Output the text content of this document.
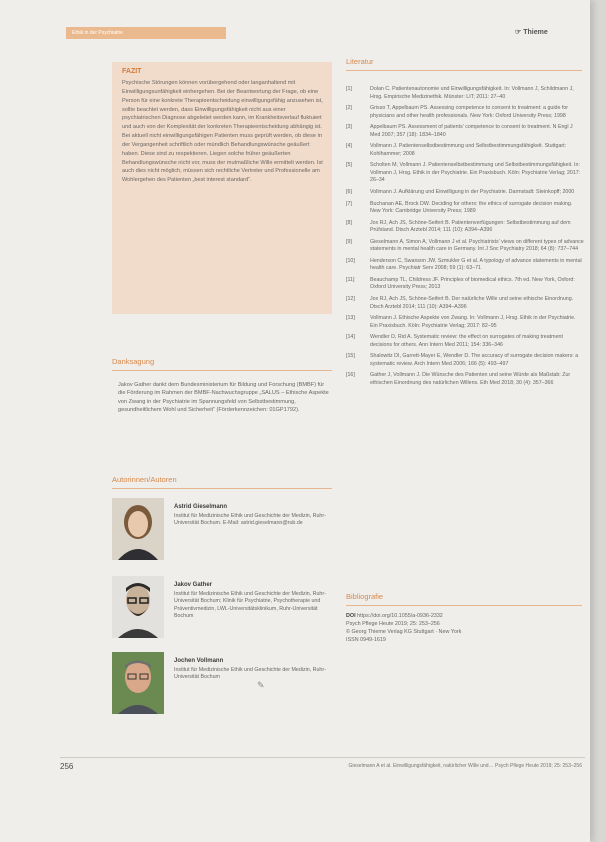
Ethik in der Psychiatrie	☞ Thieme
FAZIT
Psychische Störungen können vorübergehend oder langanhaltend mit Einwilligungsunfähigkeit einhergehen. Bei der Beantwortung der Frage, ob eine Person für eine konkrete Therapieentscheidung einwilligungsfähig anzusehen ist, sollte beachtet werden, dass Einwilligungsfähigkeit nicht aus einer psychiatrischen Diagnose abgeleitet werden kann, im Krankheitsverlauf fluktuiert und auch von der Komplexität der konkreten Therapieentscheidung abhängig ist. Bei aktuell nicht einwilligungsfähigen Patienten muss geprüft werden, ob diese in der Vergangenheit schriftlich oder mündlich Behandlungswünsche geäußert haben. Diese sind zu respektieren. Liegen solche früher geäußerten Behandlungswünsche nicht vor, muss der mutmaßliche Wille ermittelt werden. Ist auch dies nicht möglich, müssen sich rechtliche Vertreter und Professionelle am Wohlergehen des Patienten „best interest standard“.
Danksagung
Jakov Gather dankt dem Bundesministerium für Bildung und Forschung (BMBF) für die Förderung im Rahmen der BMBF-Nachwuchsgruppe „SALUS – Ethische Aspekte von Zwang in der Psychiatrie im Spannungsfeld von Selbstbestimmung, gesundheitlichem Wohl und Sicherheit“ (Förderkennzeichen: 01GP1792).
Autorinnen/Autoren
Astrid Gieselmann
Institut für Medizinische Ethik und Geschichte der Medizin, Ruhr-Universität Bochum. E-Mail: astrid.gieselmann@rub.de
Jakov Gather
Institut für Medizinische Ethik und Geschichte der Medizin, Ruhr-Universität Bochum; Klinik für Psychiatrie, Psychotherapie und Präventivmedizin, LWL-Universitätsklinikum, Ruhr-Universität Bochum
Jochen Vollmann
Institut für Medizinische Ethik und Geschichte der Medizin, Ruhr-Universität Bochum
Literatur
[1]	Dolan C. Patientenautonomie und Einwilligungsfähigkeit. In: Vollmann J, Schildmann J, Hrsg. Empirische Medizinethik. Münster: LIT; 2011: 27–40
[2]	Grisso T, Appelbaum PS. Assessing competence to consent to treatment: a guide for physicians and other health professionals. New York: Oxford University Press; 1998
[3]	Appelbaum PS. Assessment of patients’ competence to consent to treatment. N Engl J Med 2007; 357 (18): 1834–1840
[4]	Vollmann J. Patientenselbstbestimmung und Selbstbestimmungsfähigkeit. Stuttgart: Kohlhammer; 2008
[5]	Scholten M, Vollmann J. Patientenselbstbestimmung und Selbstbestimmungsfähigkeit. In: Vollmann J, Hrsg. Ethik in der Psychiatrie. Ein Praxisbuch. Köln: Psychiatrie Verlag; 2017: 26–34
[6]	Vollmann J. Aufklärung und Einwilligung in der Psychiatrie. Darmstadt: Steinkopff; 2000
[7]	Buchanan AE, Brock DW. Deciding for others: the ethics of surrogate decision making. New York: Cambridge University Press; 1989
[8]	Jox RJ, Ach JS, Schöne-Seifert B. Patientenverfügungen: Selbstbestimmung auf dem Prüfstand. Dtsch Arztebl 2014; 111 (10): A394–A396
[9]	Gieselmann A, Simon A, Vollmann J et al. Psychiatrists’ views on different types of advance statements in mental health care in Germany. Int J Soc Psychiatry 2018; 64 (8): 737–744
[10]	Henderson C, Swanson JW, Szmukler G et al. A typology of advance statements in mental health care. Psychiatr Serv 2008; 59 (1): 63–71
[11]	Beauchamp TL, Childress JF. Principles of biomedical ethics. 7th ed. New York, Oxford: Oxford University Press; 2013
[12]	Jox RJ, Ach JS, Schöne-Seifert B. Der natürliche Wille und seine ethische Einordnung. Dtsch Arztebl 2014; 111 (10): A394–A396
[13]	Vollmann J. Ethische Aspekte von Zwang. In: Vollmann J, Hrsg. Ethik in der Psychiatrie. Ein Praxisbuch. Köln: Psychiatrie Verlag; 2017: 82–95
[14]	Wendler D, Rid A. Systematic review: the effect on surrogates of making treatment decisions for others. Ann Intern Med 2011; 154: 336–346
[15]	Shalowitz DI, Garrett-Mayer E, Wendler D. The accuracy of surrogate decision makers: a systematic review. Arch Intern Med 2006; 166 (5): 493–497
[16]	Gather J, Vollmann J. Die Wünsche des Patienten und seine Würde als Maßstab: Zur ethischen Einordnung des natürlichen Willens. Eth Med 2018; 30 (4): 357–366
Bibliografie
DOI https://doi.org/10.1055/a-0936-2332
Psych Pflege Heute 2019; 25: 253–256
© Georg Thieme Verlag KG Stuttgart · New York
ISSN 0949-1619
✎
256	Gieselmann A et al. Einwilligungsfähigkeit, natürlicher Wille und… Psych Pflege Heute 2019; 25: 253–256
